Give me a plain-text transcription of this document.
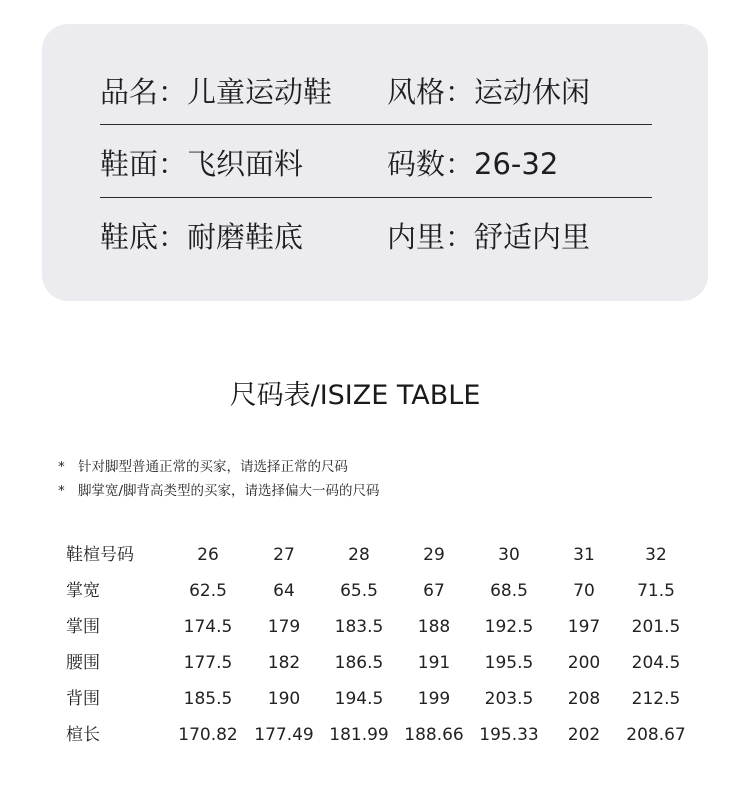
品名：儿童运动鞋 风格：运动休闲
鞋面：飞织面料	码数：26-32
鞋底：耐磨鞋底	内里：舒适内里
尺码表/ISIZE TABLE
* 针对脚型普通正常的买家，请选择正常的尺码
* 脚掌宽/脚背高类型的买家，请选择偏大一码的尺码
鞋楦号码	26	27	28	29	30	31	32
掌宽	62.5	64	65.5	67	68.5	70	71.5
掌围	174.5	179	183.5	188	192.5	197	201.5
腰围	177.5	182	186.5	191	195.5	200	204.5
背围	185.5	190	194.5	199	203.5	208	212.5
楦长	170.82 177.49 181.99 188.66 195.33	202	208.67
